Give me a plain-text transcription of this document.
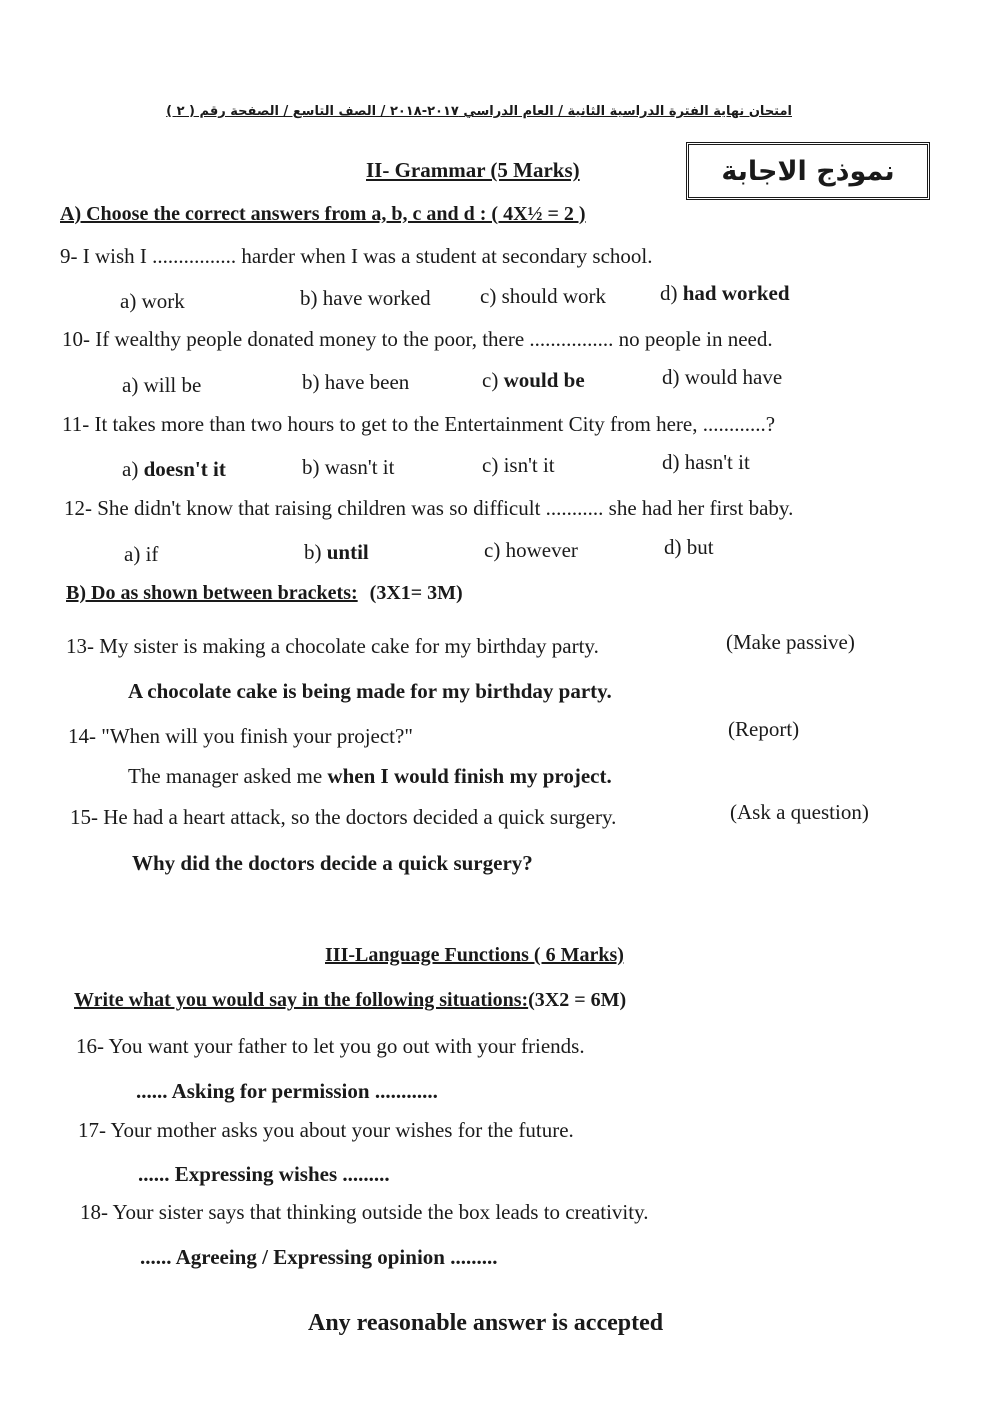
امتحان نهاية الفترة الدراسية الثانية / العام الدراسي ٢٠١٧-٢٠١٨ / الصف التاسع / الصفحة رقم ( ٢ )
II- Grammar (5 Marks)	نموذج الاجابة
A) Choose the correct answers from a, b, c and d : ( 4X½ = 2 )
9- I wish I ................ harder when I was a student at secondary school.
a) work	b) have worked c) should work	d) had worked
10- If wealthy people donated money to the poor, there ................ no people in need.
a) will be	b) have been	c) would be	d) would have
11- It takes more than two hours to get to the Entertainment City from here, ............?
a) doesn't it	b) wasn't it	c) isn't it	d) hasn't it
12- She didn't know that raising children was so difficult ........... she had her first baby.
a) if	b) until	c) however	d) but
B) Do as shown between brackets: (3X1= 3M)
13- My sister is making a chocolate cake for my birthday party.	(Make passive)
A chocolate cake is being made for my birthday party.
14- "When will you finish your project?"	(Report)
The manager asked me when I would finish my project.
15- He had a heart attack, so the doctors decided a quick surgery.	(Ask a question)
Why did the doctors decide a quick surgery?
III-Language Functions ( 6 Marks)
Write what you would say in the following situations:(3X2 = 6M)
16- You want your father to let you go out with your friends.
...... Asking for permission ............
17- Your mother asks you about your wishes for the future.
...... Expressing wishes .........
18- Your sister says that thinking outside the box leads to creativity.
...... Agreeing / Expressing opinion .........
Any reasonable answer is accepted
